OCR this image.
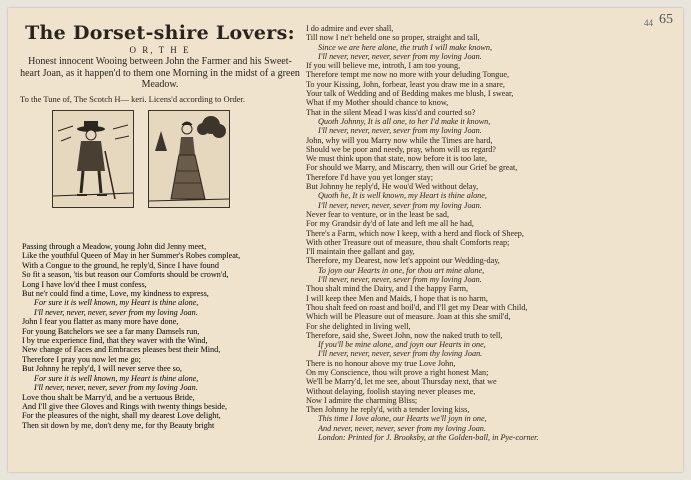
44 65
The Dorset-shire Lovers:
O R, T H E
Honest innocent Wooing between John the Farmer and his Sweet-heart Joan, as it happen'd to them one Morning in the midst of a green Meadow.
To the Tune of, The Scotch H— keri. Licens'd according to Order.
Passing through a Meadow, young John did Jenny meet,
Like the youthful Queen of May in her Summer's Robes compleat,
With a Congue to the ground, he reply'd, Since I have found
So fit a season, 'tis but reason our Comforts should be crown'd,
Long I have lov'd thee I must confess,
But ne'r could find a time, Love, my kindness to express,
For sure it is well known, my Heart is thine alone,
I'll never, never, never, sever from my loving Joan.
John I fear you flatter as many more have done,
For young Batchelors we see a far many Damsels run,
I by true experience find, that they waver with the Wind,
New change of Faces and Embraces pleases best their Mind,
Therefore I pray you now let me go;
But Johnny he reply'd, I will never serve thee so,
For sure it is well known, my Heart is thine alone,
I'll never, never, never, sever from my loving Joan.
Love thou shalt be Marry'd, and be a vertuous Bride,
And I'll give thee Gloves and Rings with twenty things beside,
For the pleasures of the night, shall my dearest Love delight,
Then sit down by me, don't deny me, for thy Beauty bright
I do admire and ever shall,
Till now I ne'r beheld one so proper, straight and tall,
Since we are here alone, the truth I will make known,
I'll never, never, never, sever from my loving Joan.
If you will believe me, introth, I am too young,
Therefore tempt me now no more with your deluding Tongue,
To your Kissing, John, forbear, least you draw me in a snare,
Your talk of Wedding and of Bedding makes me blush, I swear,
What if my Mother should chance to know,
That in the silent Mead I was kiss'd and courted so?
Quoth Johnny, It is all one, to her I'd make it known,
I'll never, never, never, sever from my loving Joan.
John, why will you Marry now while the Times are hard,
Should we be poor and needy, pray, whom will us regard?
We must think upon that state, now before it is too late,
For should we Marry, and Miscarry, then will our Grief be great,
Therefore I'd have you yet longer stay;
But Johnny he reply'd, He wou'd Wed without delay,
Quoth he, It is well known, my Heart is thine alone,
I'll never, never, never, sever from my loving Joan.
Never fear to venture, or in the least be sad,
For my Grandsir dy'd of late and left me all he had,
There's a Farm, which now I keep, with a herd and flock of Sheep,
With other Treasure out of measure, thou shalt Comforts reap;
I'll maintain thee gallant and gay,
Therefore, my Dearest, now let's appoint our Wedding-day,
To joyn our Hearts in one, for thou art mine alone,
I'll never, never, never, sever from my loving Joan.
Thou shalt mind the Dairy, and I the happy Farm,
I will keep thee Men and Maids, I hope that is no harm,
Thou shalt feed on roast and boil'd, and I'll get my Dear with Child,
Which will be Pleasure out of measure. Joan at this she smil'd,
For she delighted in living well,
Therefore, said she, Sweet John, now the naked truth to tell,
If you'll be mine alone, and joyn our Hearts in one,
I'll never, never, never, sever from thy loving Joan.
There is no honour above my true Love John,
On my Conscience, thou wilt prove a right honest Man;
We'll be Marry'd, let me see, about Thursday next, that we
Without delaying, foolish staying never pleases me,
Now I admire the charming Bliss;
Then Johnny he reply'd, with a tender loving kiss,
This time I love alone, our Hearts we'll joyn in one,
And never, never, never, sever from my loving Joan.
London: Printed for J. Brooksby, at the Golden-ball, in Pye-corner.
